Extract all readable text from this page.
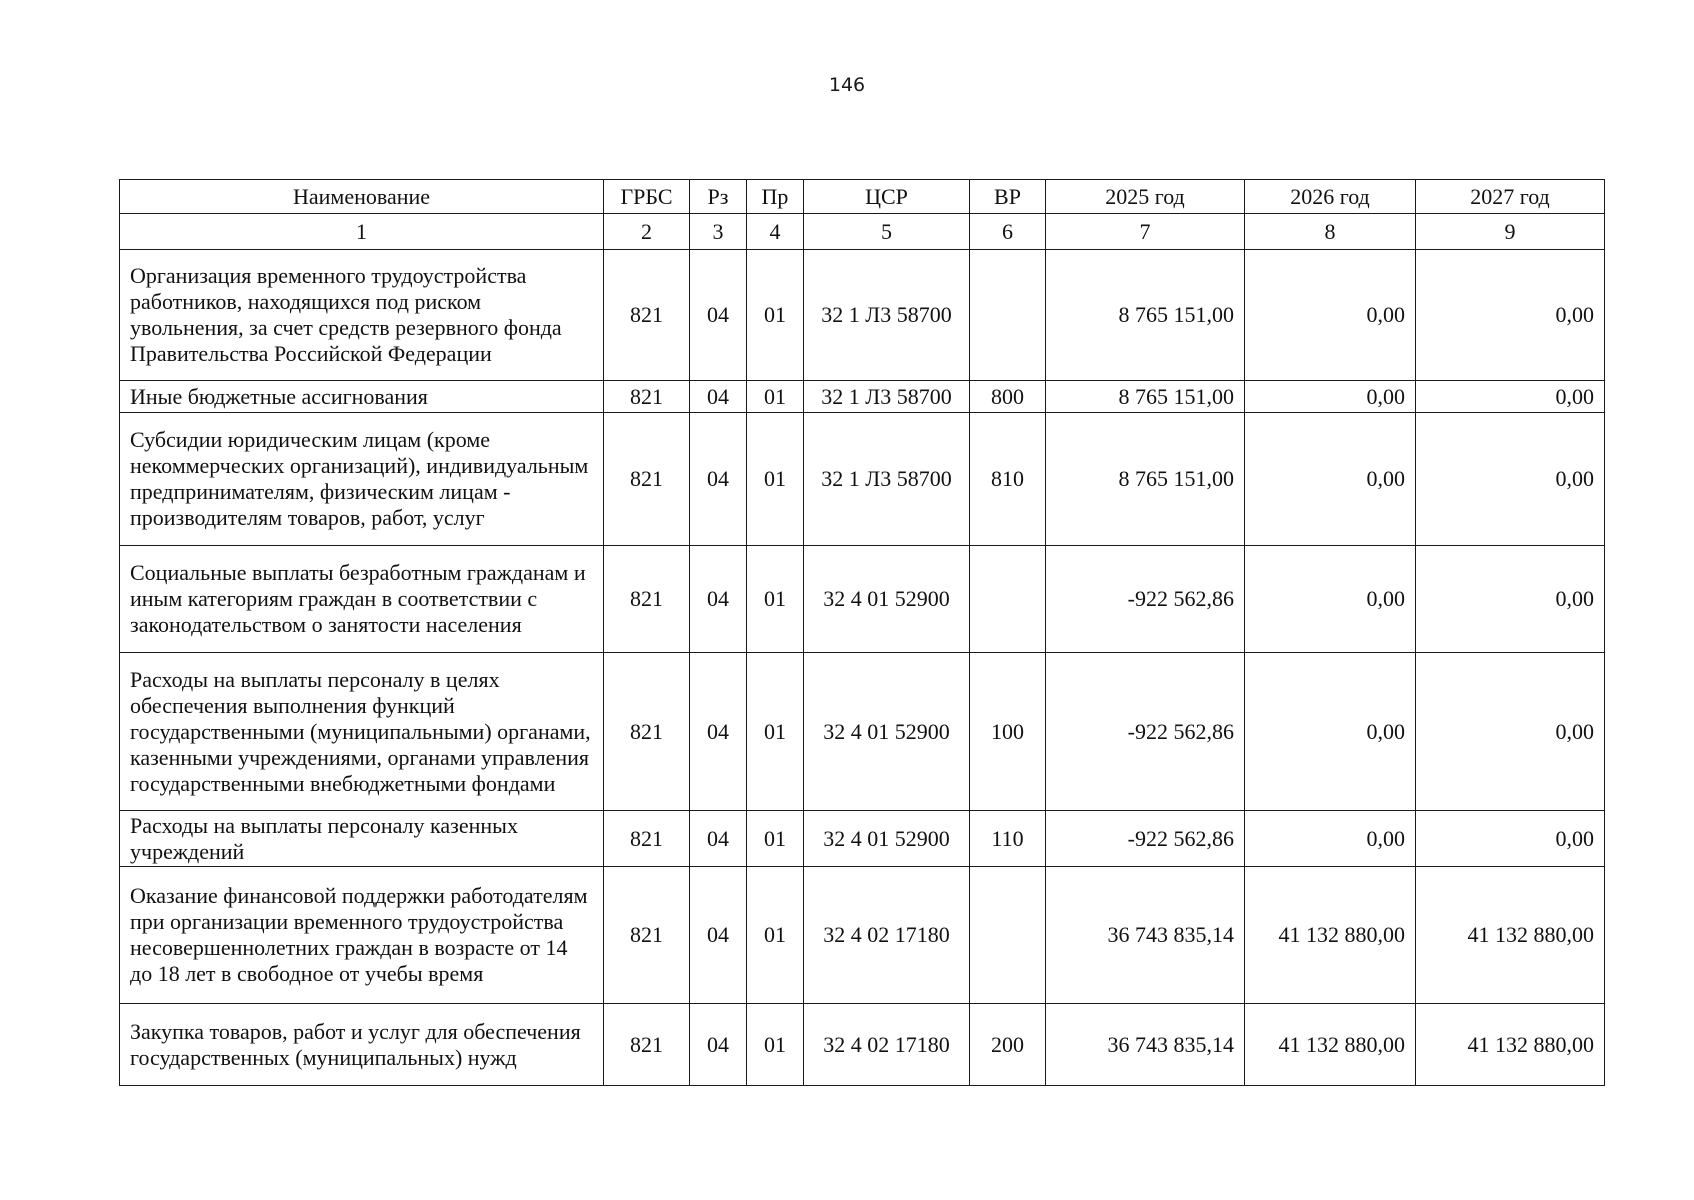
146
Наименование	ГРБС	Рз	Пр	ЦСР	ВР	2025 год	2026 год	2027 год
1	2	3	4	5	6	7	8	9
Организация временного трудоустройства работников, находящихся под риском увольнения, за счет средств резервного фонда Правительства Российской Федерации	821	04	01	32 1 Л3 58700		8 765 151,00	0,00	0,00
Иные бюджетные ассигнования	821	04	01	32 1 Л3 58700	800	8 765 151,00	0,00	0,00
Субсидии юридическим лицам (кроме некоммерческих организаций), индивидуальным предпринимателям, физическим лицам - производителям товаров, работ, услуг	821	04	01	32 1 Л3 58700	810	8 765 151,00	0,00	0,00
Социальные выплаты безработным гражданам и иным категориям граждан в соответствии с законодательством о занятости населения	821	04	01	32 4 01 52900		-922 562,86	0,00	0,00
Расходы на выплаты персоналу в целях обеспечения выполнения функций государственными (муниципальными) органами, казенными учреждениями, органами управления государственными внебюджетными фондами	821	04	01	32 4 01 52900	100	-922 562,86	0,00	0,00
Расходы на выплаты персоналу казенных учреждений	821	04	01	32 4 01 52900	110	-922 562,86	0,00	0,00
Оказание финансовой поддержки работодателям при организации временного трудоустройства несовершеннолетних граждан в возрасте от 14 до 18 лет в свободное от учебы время	821	04	01	32 4 02 17180		36 743 835,14	41 132 880,00	41 132 880,00
Закупка товаров, работ и услуг для обеспечения государственных (муниципальных) нужд	821	04	01	32 4 02 17180	200	36 743 835,14	41 132 880,00	41 132 880,00
